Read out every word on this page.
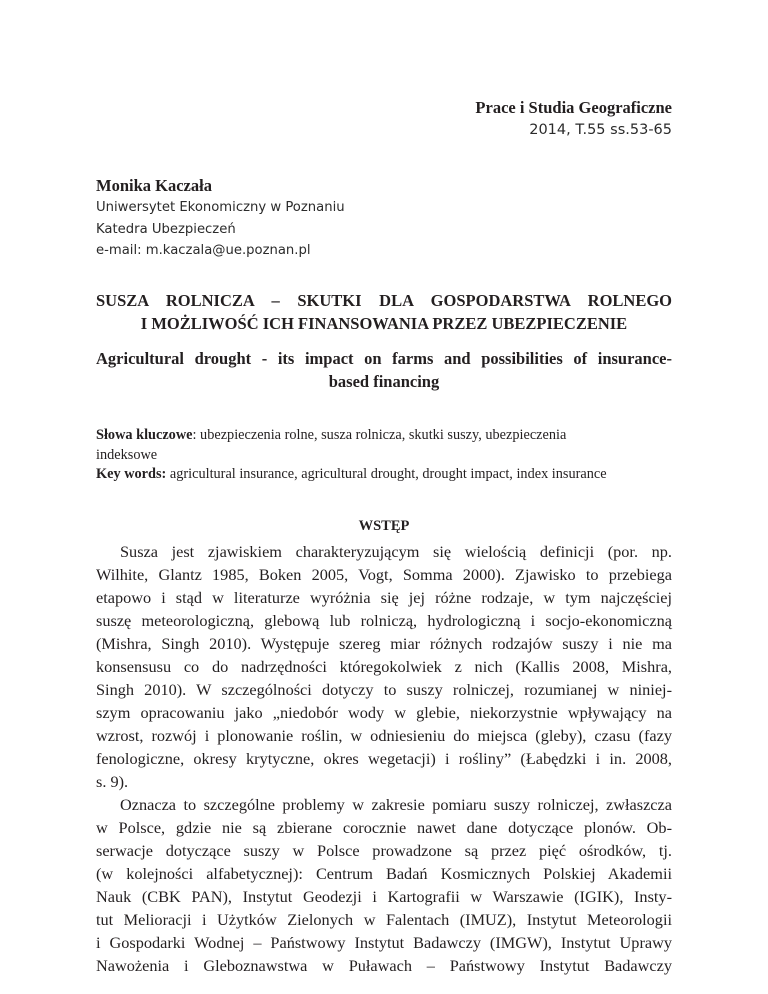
Prace i Studia Geograficzne
2014, T.55 ss.53-65
Monika Kaczała
Uniwersytet Ekonomiczny w Poznaniu
Katedra Ubezpieczeń
e-mail: m.kaczala@ue.poznan.pl
SUSZA ROLNICZA – SKUTKI DLA GOSPODARSTWA ROLNEGO
I MOŻLIWOŚĆ ICH FINANSOWANIA PRZEZ UBEZPIECZENIE
Agricultural drought - its impact on farms and possibilities of insurance-
based financing
Słowa kluczowe: ubezpieczenia rolne, susza rolnicza, skutki suszy, ubezpieczenia
indeksowe
Key words: agricultural insurance, agricultural drought, drought impact, index insurance
WSTĘP
Susza jest zjawiskiem charakteryzującym się wielością definicji (por. np.
Wilhite, Glantz 1985, Boken 2005, Vogt, Somma 2000). Zjawisko to przebiega
etapowo i stąd w literaturze wyróżnia się jej różne rodzaje, w tym najczęściej
suszę meteorologiczną, glebową lub rolniczą, hydrologiczną i socjo-ekonomiczną
(Mishra, Singh 2010). Występuje szereg miar różnych rodzajów suszy i nie ma
konsensusu co do nadrzędności któregokolwiek z nich (Kallis 2008, Mishra,
Singh 2010). W szczególności dotyczy to suszy rolniczej, rozumianej w niniej-
szym opracowaniu jako „niedobór wody w glebie, niekorzystnie wpływający na
wzrost, rozwój i plonowanie roślin, w odniesieniu do miejsca (gleby), czasu (fazy
fenologiczne, okresy krytyczne, okres wegetacji) i rośliny” (Łabędzki i in. 2008,
s. 9).
Oznacza to szczególne problemy w zakresie pomiaru suszy rolniczej, zwłaszcza
w Polsce, gdzie nie są zbierane corocznie nawet dane dotyczące plonów. Ob-
serwacje dotyczące suszy w Polsce prowadzone są przez pięć ośrodków, tj.
(w kolejności alfabetycznej): Centrum Badań Kosmicznych Polskiej Akademii
Nauk (CBK PAN), Instytut Geodezji i Kartografii w Warszawie (IGIK), Insty-
tut Melioracji i Użytków Zielonych w Falentach (IMUZ), Instytut Meteorologii
i Gospodarki Wodnej – Państwowy Instytut Badawczy (IMGW), Instytut Uprawy
Nawożenia i Gleboznawstwa w Puławach – Państwowy Instytut Badawczy
